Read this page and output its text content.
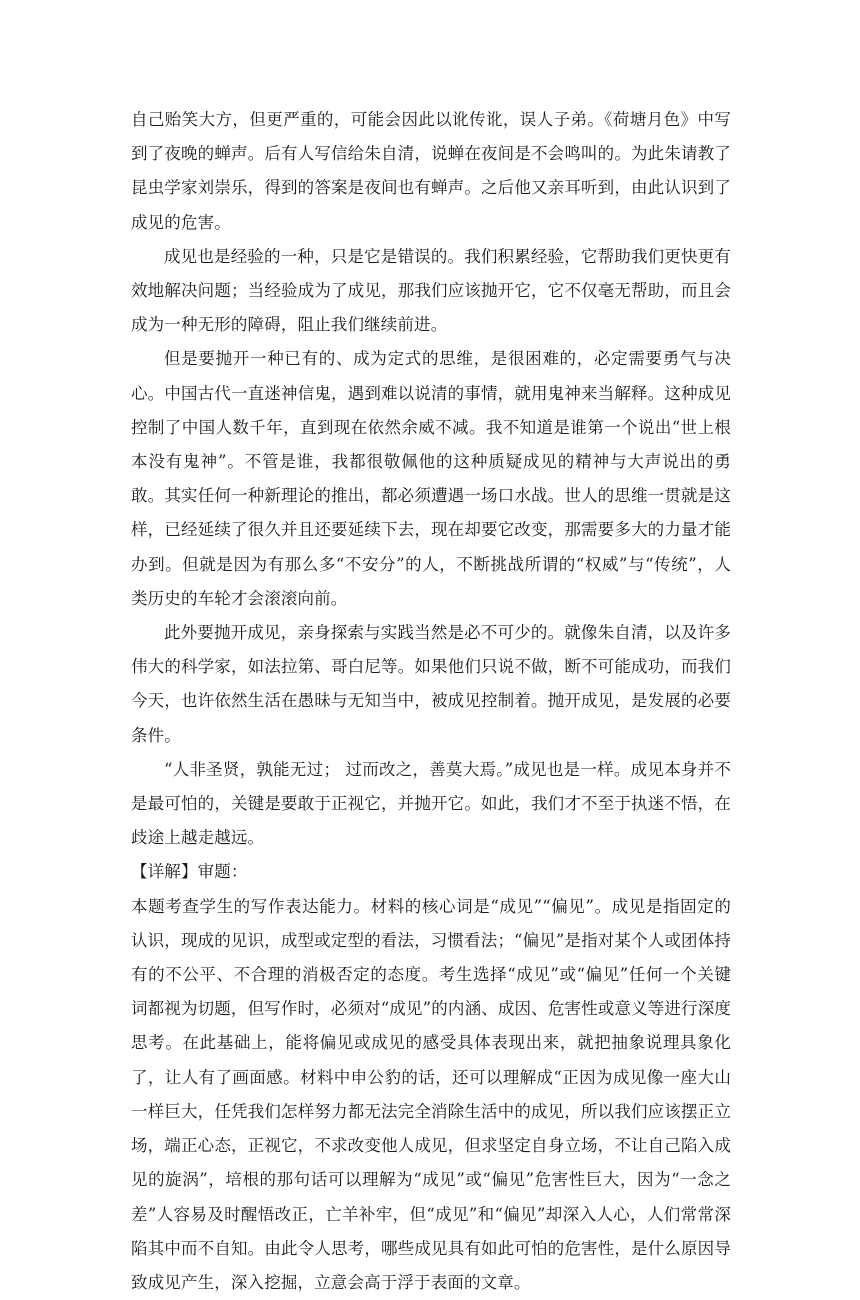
自己贻笑大方，但更严重的，可能会因此以讹传讹，误人子弟。《荷塘月色》中写到了夜晚的蝉声。后有人写信给朱自清，说蝉在夜间是不会鸣叫的。为此朱请教了昆虫学家刘崇乐，得到的答案是夜间也有蝉声。之后他又亲耳听到，由此认识到了成见的危害。

成见也是经验的一种，只是它是错误的。我们积累经验，它帮助我们更快更有效地解决问题；当经验成为了成见，那我们应该抛开它，它不仅毫无帮助，而且会成为一种无形的障碍，阻止我们继续前进。

但是要抛开一种已有的、成为定式的思维，是很困难的，必定需要勇气与决心。中国古代一直迷神信鬼，遇到难以说清的事情，就用鬼神来当解释。这种成见控制了中国人数千年，直到现在依然余威不减。我不知道是谁第一个说出“世上根本没有鬼神”。不管是谁，我都很敬佩他的这种质疑成见的精神与大声说出的勇敢。其实任何一种新理论的推出，都必须遭遇一场口水战。世人的思维一贯就是这样，已经延续了很久并且还要延续下去，现在却要它改变，那需要多大的力量才能办到。但就是因为有那么多“不安分”的人，不断挑战所谓的“权威”与“传统”，人类历史的车轮才会滚滚向前。

此外要抛开成见，亲身探索与实践当然是必不可少的。就像朱自清，以及许多伟大的科学家，如法拉第、哥白尼等。如果他们只说不做，断不可能成功，而我们今天，也许依然生活在愚昧与无知当中，被成见控制着。抛开成见，是发展的必要条件。

“人非圣贤，孰能无过； 过而改之，善莫大焉。”成见也是一样。成见本身并不是最可怕的，关键是要敢于正视它，并抛开它。如此，我们才不至于执迷不悟，在歧途上越走越远。

【详解】审题：

本题考查学生的写作表达能力。材料的核心词是“成见”“偏见”。成见是指固定的认识，现成的见识，成型或定型的看法，习惯看法；“偏见”是指对某个人或团体持有的不公平、不合理的消极否定的态度。考生选择“成见”或“偏见”任何一个关键词都视为切题，但写作时，必须对“成见”的内涵、成因、危害性或意义等进行深度思考。在此基础上，能将偏见或成见的感受具体表现出来，就把抽象说理具象化了，让人有了画面感。材料中申公豹的话，还可以理解成“正因为成见像一座大山一样巨大，任凭我们怎样努力都无法完全消除生活中的成见，所以我们应该摆正立场，端正心态，正视它，不求改变他人成见，但求坚定自身立场，不让自己陷入成见的旋涡”，培根的那句话可以理解为“成见”或“偏见”危害性巨大，因为“一念之差”人容易及时醒悟改正，亡羊补牢，但“成见”和“偏见”却深入人心，人们常常深陷其中而不自知。由此令人思考，哪些成见具有如此可怕的危害性，是什么原因导致成见产生，深入挖掘，立意会高于浮于表面的文章。
